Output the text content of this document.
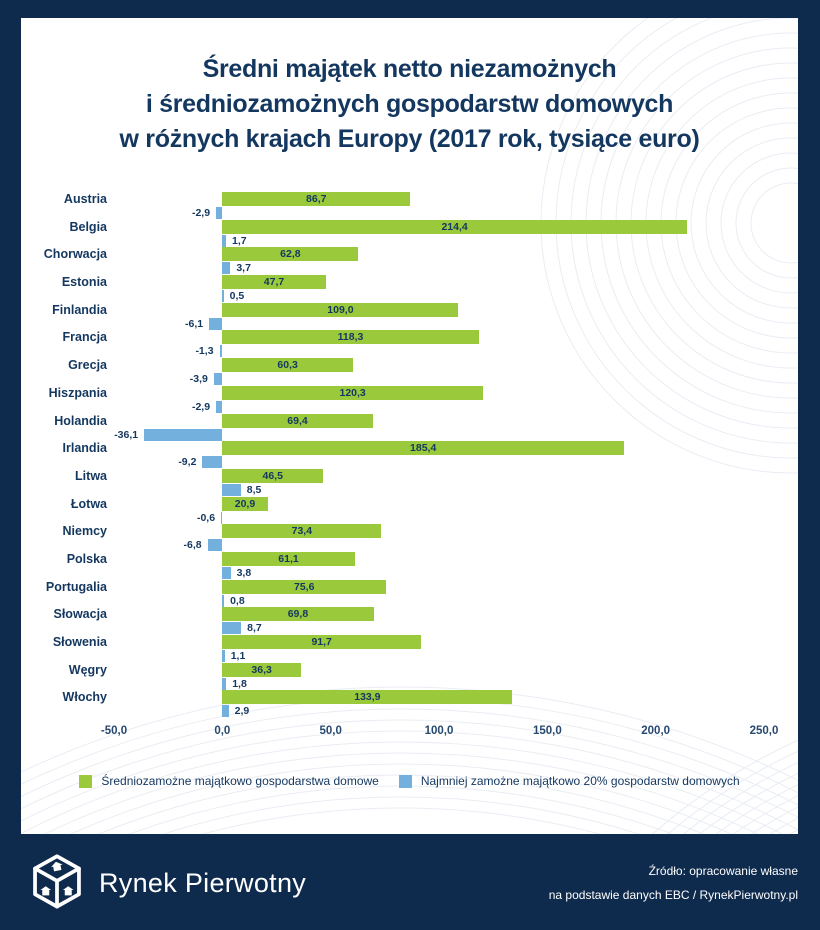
Średni majątek netto niezamożnych
i średniozamożnych gospodarstw domowych
w różnych krajach Europy (2017 rok, tysiące euro)
Austria	86,7
-2,9
Belgia	214,4
1,7
Chorwacja	62,8
3,7
Estonia	47,7
0,5
Finlandia	109,0
-6,1
Francja	118,3
-1,3
Grecja	60,3
-3,9
Hiszpania	120,3
-2,9
Holandia	69,4
-36,1
Irlandia	185,4
-9,2
Litwa	46,5
8,5
Łotwa	20,9
-0,6
Niemcy	73,4
-6,8
Polska	61,1
3,8
Portugalia	75,6
0,8
Słowacja	69,8
8,7
Słowenia	91,7
1,1
Węgry	36,3
1,8
Włochy	133,9
2,9
-50,0	0,0	50,0	100,0	150,0	200,0	250,0
Średniozamożne majątkowo gospodarstwa domowe	Najmniej zamożne majątkowo 20% gospodarstw domowych
Rynek Pierwotny	Źródło: opracowanie własne
na podstawie danych EBC / RynekPierwotny.pl
